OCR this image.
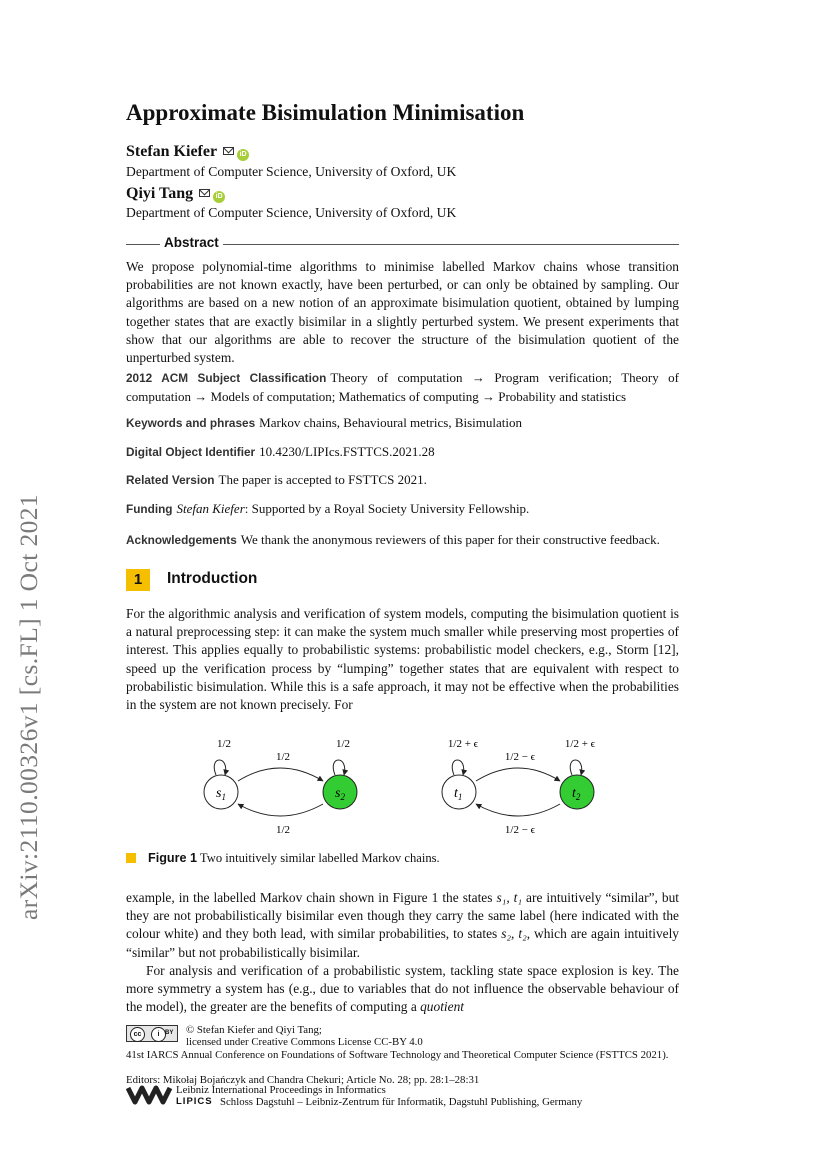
arXiv:2110.00326v1 [cs.FL] 1 Oct 2021
Approximate Bisimulation Minimisation
Stefan Kiefer	iD
Department of Computer Science, University of Oxford, UK
Qiyi Tang	iD
Department of Computer Science, University of Oxford, UK
Abstract
We propose polynomial-time algorithms to minimise labelled Markov chains whose transition probabilities are not known exactly, have been perturbed, or can only be obtained by sampling. Our algorithms are based on a new notion of an approximate bisimulation quotient, obtained by lumping together states that are exactly bisimilar in a slightly perturbed system. We present experiments that show that our algorithms are able to recover the structure of the bisimulation quotient of the unperturbed system.
2012 ACM Subject Classification Theory of computation → Program verification; Theory of computation → Models of computation; Mathematics of computing → Probability and statistics
Keywords and phrases Markov chains, Behavioural metrics, Bisimulation
Digital Object Identifier 10.4230/LIPIcs.FSTTCS.2021.28
Related Version The paper is accepted to FSTTCS 2021.
Funding Stefan Kiefer: Supported by a Royal Society University Fellowship.
Acknowledgements We thank the anonymous reviewers of this paper for their constructive feedback.
1	Introduction
For the algorithmic analysis and verification of system models, computing the bisimulation quotient is a natural preprocessing step: it can make the system much smaller while preserving most properties of interest. This applies equally to probabilistic systems: probabilistic model checkers, e.g., Storm [12], speed up the verification process by “lumping” together states that are equivalent with respect to probabilistic bisimulation. While this is a safe approach, it may not be effective when the probabilities in the system are not known precisely. For
$s_1$	$s_2$
1/2	1/2
1/2
1/2
$t_1$	$t_2$
1/2 + ϵ	1/2 + ϵ
1/2 − ϵ
1/2 − ϵ
Figure 1 Two intuitively similar labelled Markov chains.
example, in the labelled Markov chain shown in Figure 1 the states s₁, t₁ are intuitively “similar”, but they are not probabilistically bisimilar even though they carry the same label (here indicated with the colour white) and they both lead, with similar probabilities, to states s₂, t₂, which are again intuitively “similar” but not probabilistically bisimilar.
For analysis and verification of a probabilistic system, tackling state space explosion is key. The more symmetry a system has (e.g., due to variables that do not influence the observable behaviour of the model), the greater are the benefits of computing a quotient
cc	i BY © Stefan Kiefer and Qiyi Tang;
licensed under Creative Commons License CC-BY 4.0
41st IARCS Annual Conference on Foundations of Software Technology and Theoretical Computer Science (FSTTCS 2021).
Editors: Mikołaj Bojańczyk and Chandra Chekuri; Article No. 28; pp. 28:1–28:31
Leibniz International Proceedings in Informatics
LIPICS Schloss Dagstuhl – Leibniz-Zentrum für Informatik, Dagstuhl Publishing, Germany
